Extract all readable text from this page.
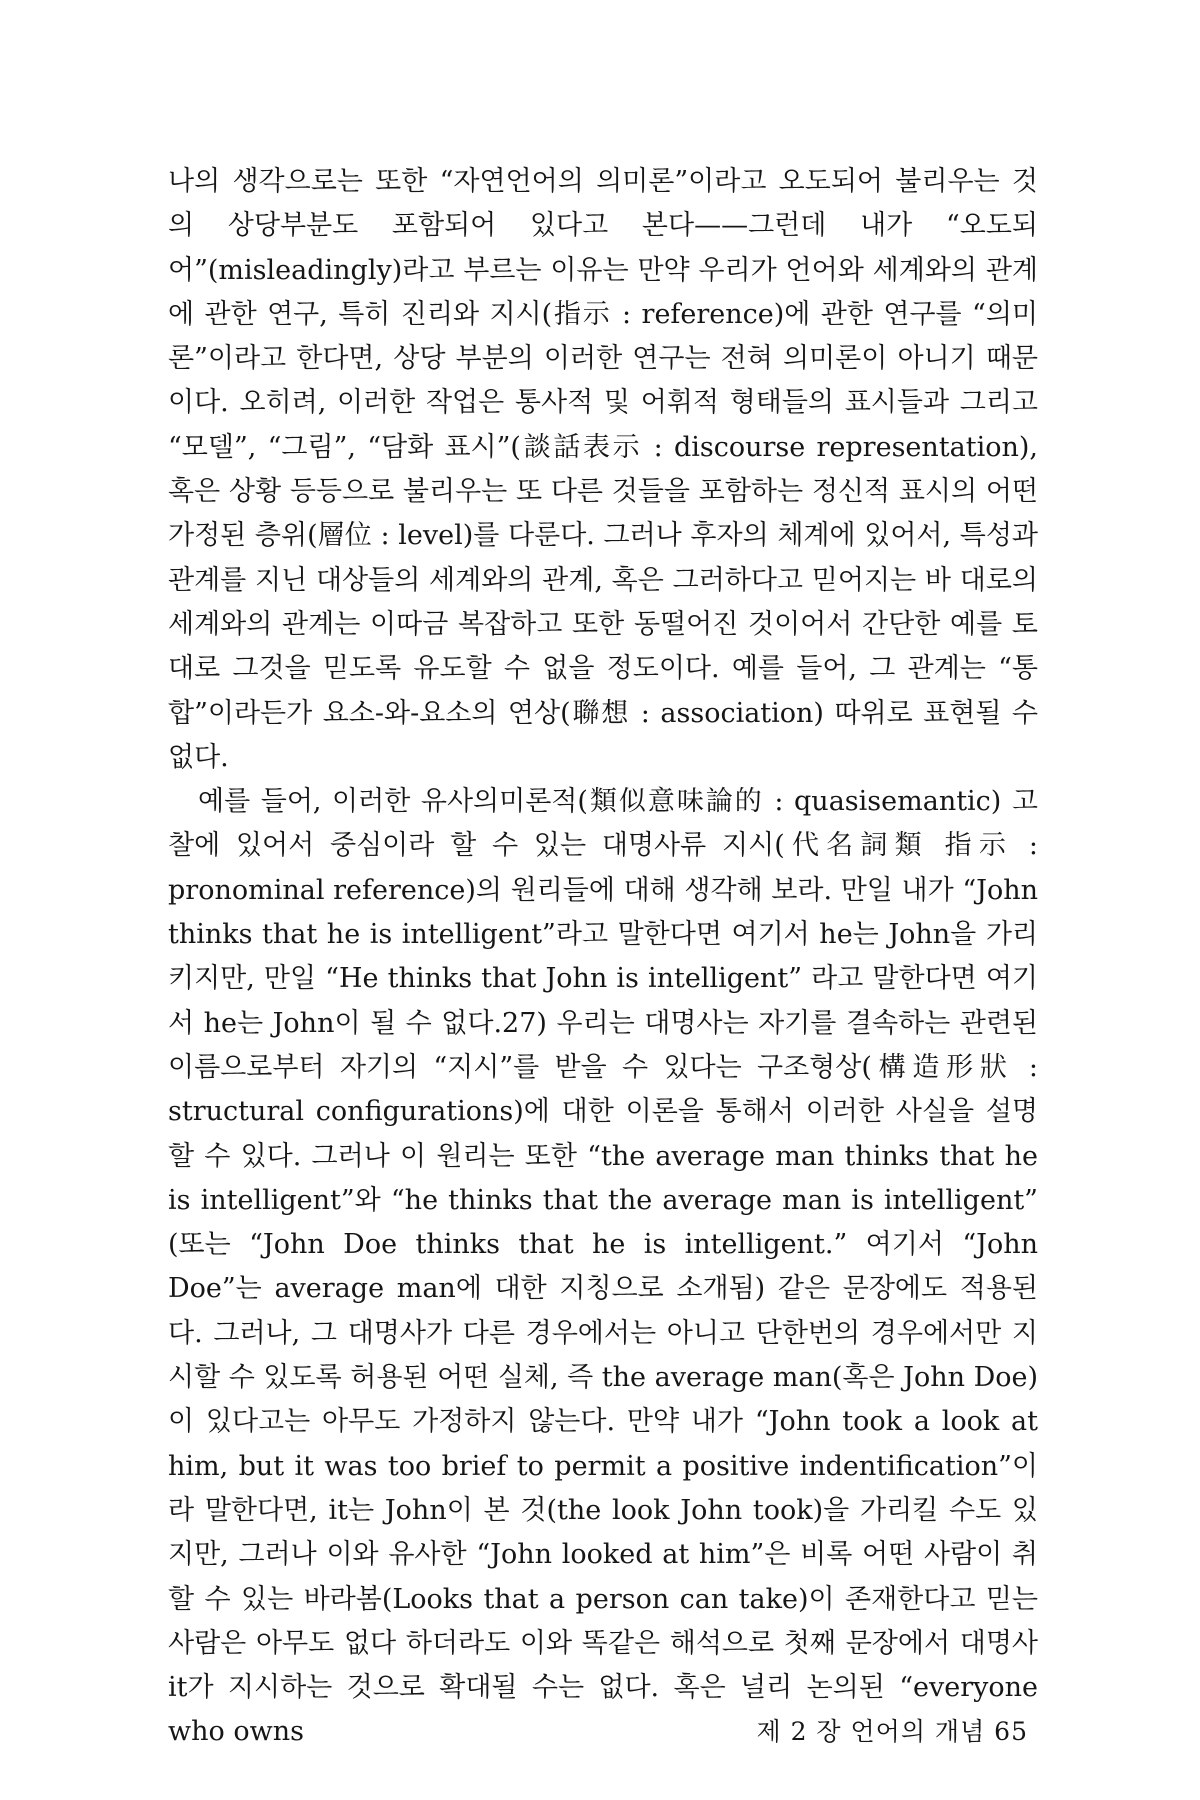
나의 생각으로는 또한 “자연언어의 의미론”이라고 오도되어 불리우는 것의 상당부분도 포함되어 있다고 본다——그런데 내가 “오도되어”(misleadingly)라고 부르는 이유는 만약 우리가 언어와 세계와의 관계에 관한 연구, 특히 진리와 지시(指示 : reference)에 관한 연구를 “의미론”이라고 한다면, 상당 부분의 이러한 연구는 전혀 의미론이 아니기 때문이다. 오히려, 이러한 작업은 통사적 및 어휘적 형태들의 표시들과 그리고 “모델”, “그림”, “담화 표시”(談話表示 : discourse representation), 혹은 상황 등등으로 불리우는 또 다른 것들을 포함하는 정신적 표시의 어떤 가정된 층위(層位 : level)를 다룬다. 그러나 후자의 체계에 있어서, 특성과 관계를 지닌 대상들의 세계와의 관계, 혹은 그러하다고 믿어지는 바 대로의 세계와의 관계는 이따금 복잡하고 또한 동떨어진 것이어서 간단한 예를 토대로 그것을 믿도록 유도할 수 없을 정도이다. 예를 들어, 그 관계는 “통합”이라든가 요소-와-요소의 연상(聯想 : association) 따위로 표현될 수 없다.

예를 들어, 이러한 유사의미론적(類似意味論的 : quasisemantic) 고찰에 있어서 중심이라 할 수 있는 대명사류 지시(代名詞類 指示 : pronominal reference)의 원리들에 대해 생각해 보라. 만일 내가 “John thinks that he is intelligent”라고 말한다면 여기서 he는 John을 가리키지만, 만일 “He thinks that John is intelligent” 라고 말한다면 여기서 he는 John이 될 수 없다.27) 우리는 대명사는 자기를 결속하는 관련된 이름으로부터 자기의 “지시”를 받을 수 있다는 구조형상(構造形狀 : structural configurations)에 대한 이론을 통해서 이러한 사실을 설명할 수 있다. 그러나 이 원리는 또한 “the average man thinks that he is intelligent”와 “he thinks that the average man is intelligent” (또는 “John Doe thinks that he is intelligent.” 여기서 “John Doe”는 average man에 대한 지칭으로 소개됨) 같은 문장에도 적용된다. 그러나, 그 대명사가 다른 경우에서는 아니고 단한번의 경우에서만 지시할 수 있도록 허용된 어떤 실체, 즉 the average man(혹은 John Doe)이 있다고는 아무도 가정하지 않는다. 만약 내가 “John took a look at him, but it was too brief to permit a positive indentification”이라 말한다면, it는 John이 본 것(the look John took)을 가리킬 수도 있지만, 그러나 이와 유사한 “John looked at him”은 비록 어떤 사람이 취할 수 있는 바라봄(Looks that a person can take)이 존재한다고 믿는 사람은 아무도 없다 하더라도 이와 똑같은 해석으로 첫째 문장에서 대명사 it가 지시하는 것으로 확대될 수는 없다. 혹은 널리 논의된 “everyone who owns	제 2 장 언어의 개념 65
